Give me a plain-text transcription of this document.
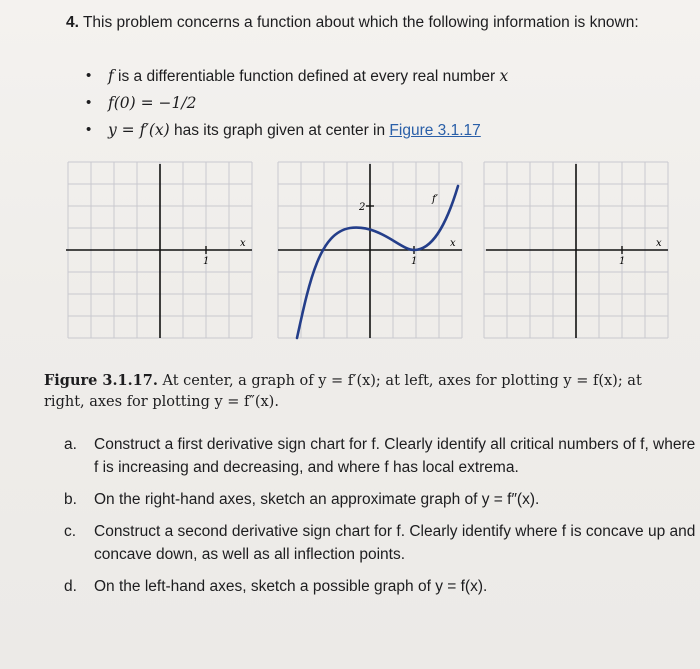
4. This problem concerns a function about which the following information is known:
• f is a differentiable function defined at every real number x
• f(0) = −1/2
• y = f′(x) has its graph given at center in Figure 3.1.17
x
1
x
1
2
f′
x
1
Figure 3.1.17. At center, a graph of y = f′(x); at left, axes for plotting y = f(x); at right, axes for plotting y = f″(x).
a. Construct a first derivative sign chart for f. Clearly identify all critical numbers of f, where f is increasing and decreasing, and where f has local extrema.
b. On the right-hand axes, sketch an approximate graph of y = f″(x).
c. Construct a second derivative sign chart for f. Clearly identify where f is concave up and concave down, as well as all inflection points.
d. On the left-hand axes, sketch a possible graph of y = f(x).
